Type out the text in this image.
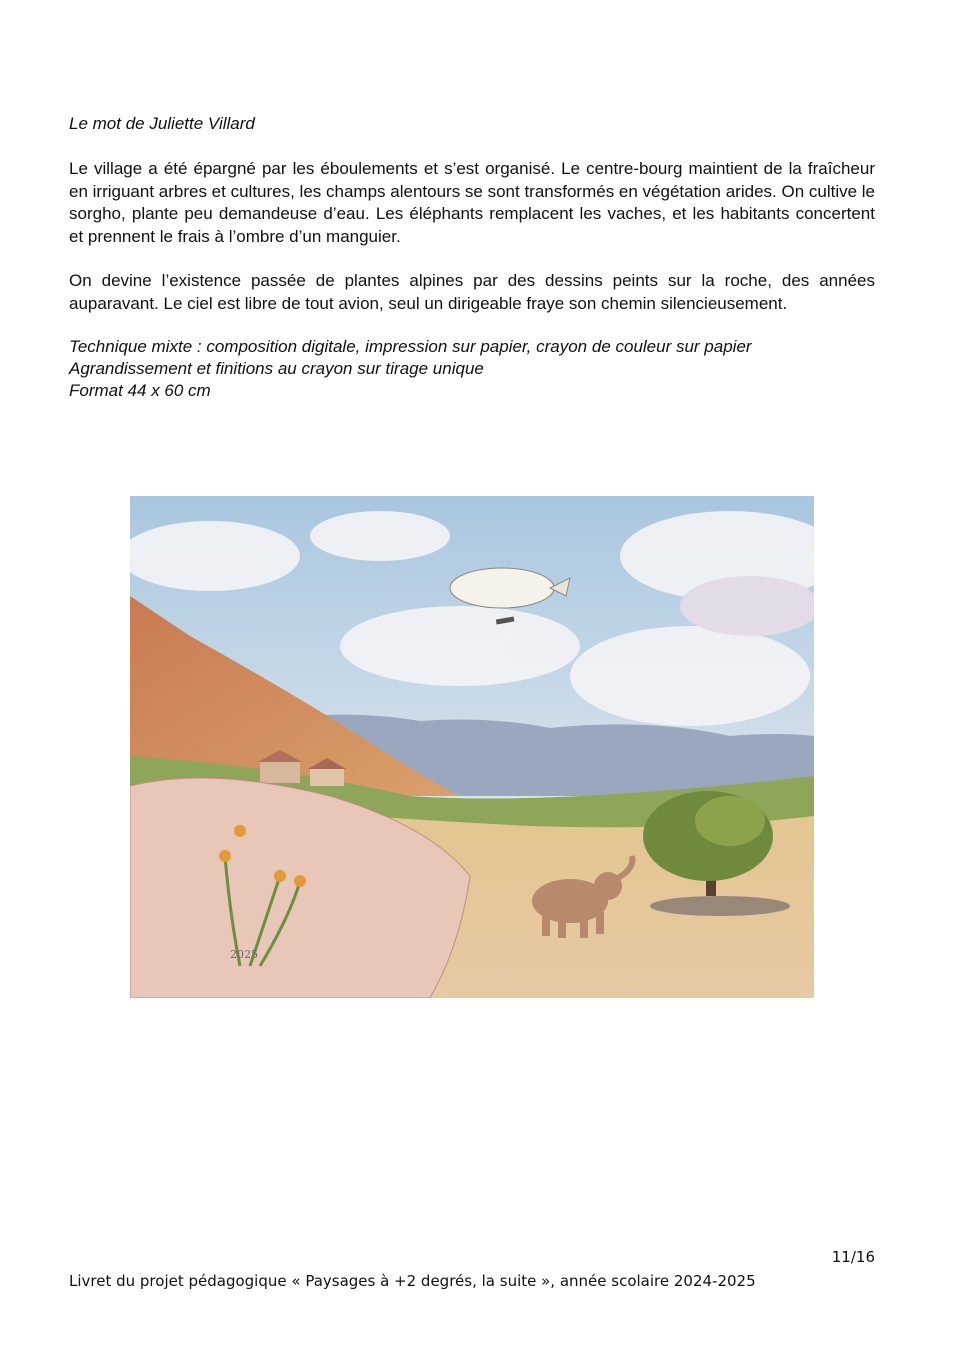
Le mot de Juliette Villard

Le village a été épargné par les éboulements et s’est organisé. Le centre-bourg maintient de la fraîcheur en irriguant arbres et cultures, les champs alentours se sont transformés en végétation arides. On cultive le sorgho, plante peu demandeuse d’eau. Les éléphants remplacent les vaches, et les habitants concertent et prennent le frais à l’ombre d’un manguier.

On devine l’existence passée de plantes alpines par des dessins peints sur la roche, des années auparavant. Le ciel est libre de tout avion, seul un dirigeable fraye son chemin silencieusement.

Technique mixte : composition digitale, impression sur papier, crayon de couleur sur papier

Agrandissement et finitions au crayon sur tirage unique

Format 44 x 60 cm

2025
11/16
Livret du projet pédagogique « Paysages à +2 degrés, la suite », année scolaire 2024-2025
